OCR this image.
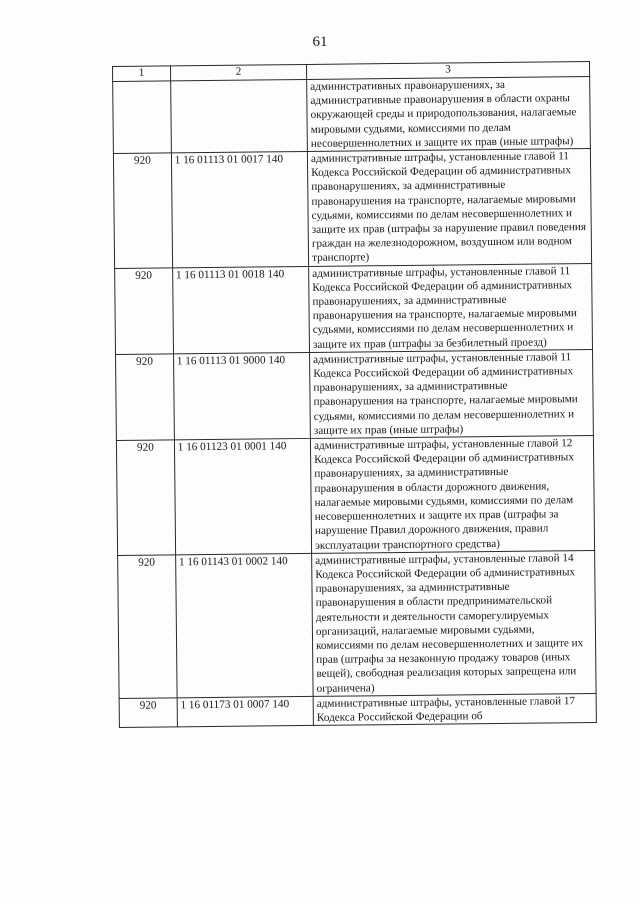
61
1	2	3
		административных правонарушениях, за административные правонарушения в области охраны окружающей среды и природопользования, налагаемые мировыми судьями, комиссиями по делам несовершеннолетних и защите их прав (иные штрафы)
920	1 16 01113 01 0017 140	административные штрафы, установленные главой 11 Кодекса Российской Федерации об административных правонарушениях, за административные правонарушения на транспорте, налагаемые мировыми судьями, комиссиями по делам несовершеннолетних и защите их прав (штрафы за нарушение правил поведения граждан на железнодорожном, воздушном или водном транспорте)
920	1 16 01113 01 0018 140	административные штрафы, установленные главой 11 Кодекса Российской Федерации об административных правонарушениях, за административные правонарушения на транспорте, налагаемые мировыми судьями, комиссиями по делам несовершеннолетних и защите их прав (штрафы за безбилетный проезд)
920	1 16 01113 01 9000 140	административные штрафы, установленные главой 11 Кодекса Российской Федерации об административных правонарушениях, за административные правонарушения на транспорте, налагаемые мировыми судьями, комиссиями по делам несовершеннолетних и защите их прав (иные штрафы)
920	1 16 01123 01 0001 140	административные штрафы, установленные главой 12 Кодекса Российской Федерации об административных правонарушениях, за административные правонарушения в области дорожного движения, налагаемые мировыми судьями, комиссиями по делам несовершеннолетних и защите их прав (штрафы за нарушение Правил дорожного движения, правил эксплуатации транспортного средства)
920	1 16 01143 01 0002 140	административные штрафы, установленные главой 14 Кодекса Российской Федерации об административных правонарушениях, за административные правонарушения в области предпринимательской деятельности и деятельности саморегулируемых организаций, налагаемые мировыми судьями, комиссиями по делам несовершеннолетних и защите их прав (штрафы за незаконную продажу товаров (иных вещей), свободная реализация которых запрещена или ограничена)
920	1 16 01173 01 0007 140	административные штрафы, установленные главой 17 Кодекса Российской Федерации об
